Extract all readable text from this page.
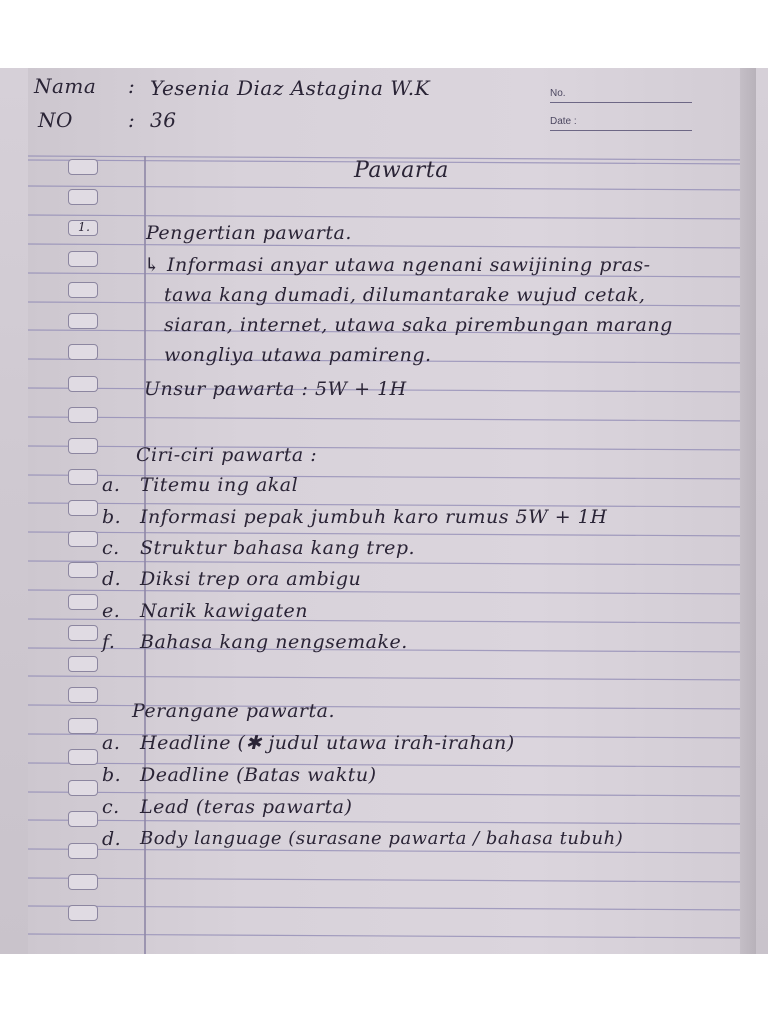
Nama : Yesenia Diaz Astagina W.K
NO	: 36
No.
Date :
Pawarta
1.	Pengertian pawarta.
↳ Informasi anyar utawa ngenani sawijining pras-
tawa kang dumadi, dilumantarake wujud cetak,
siaran, internet, utawa saka pirembungan marang
wongliya utawa pamireng.
Unsur pawarta : 5W + 1H
Ciri-ciri pawarta :
a. Titemu ing akal
b. Informasi pepak jumbuh karo rumus 5W + 1H
c. Struktur bahasa kang trep.
d. Diksi trep ora ambigu
e. Narik kawigaten
f. Bahasa kang nengsemake.
Perangane pawarta.
a. Headline (✱ judul utawa irah-irahan)
b. Deadline (Batas waktu)
c. Lead (teras pawarta)
d. Body language (surasane pawarta / bahasa tubuh)
